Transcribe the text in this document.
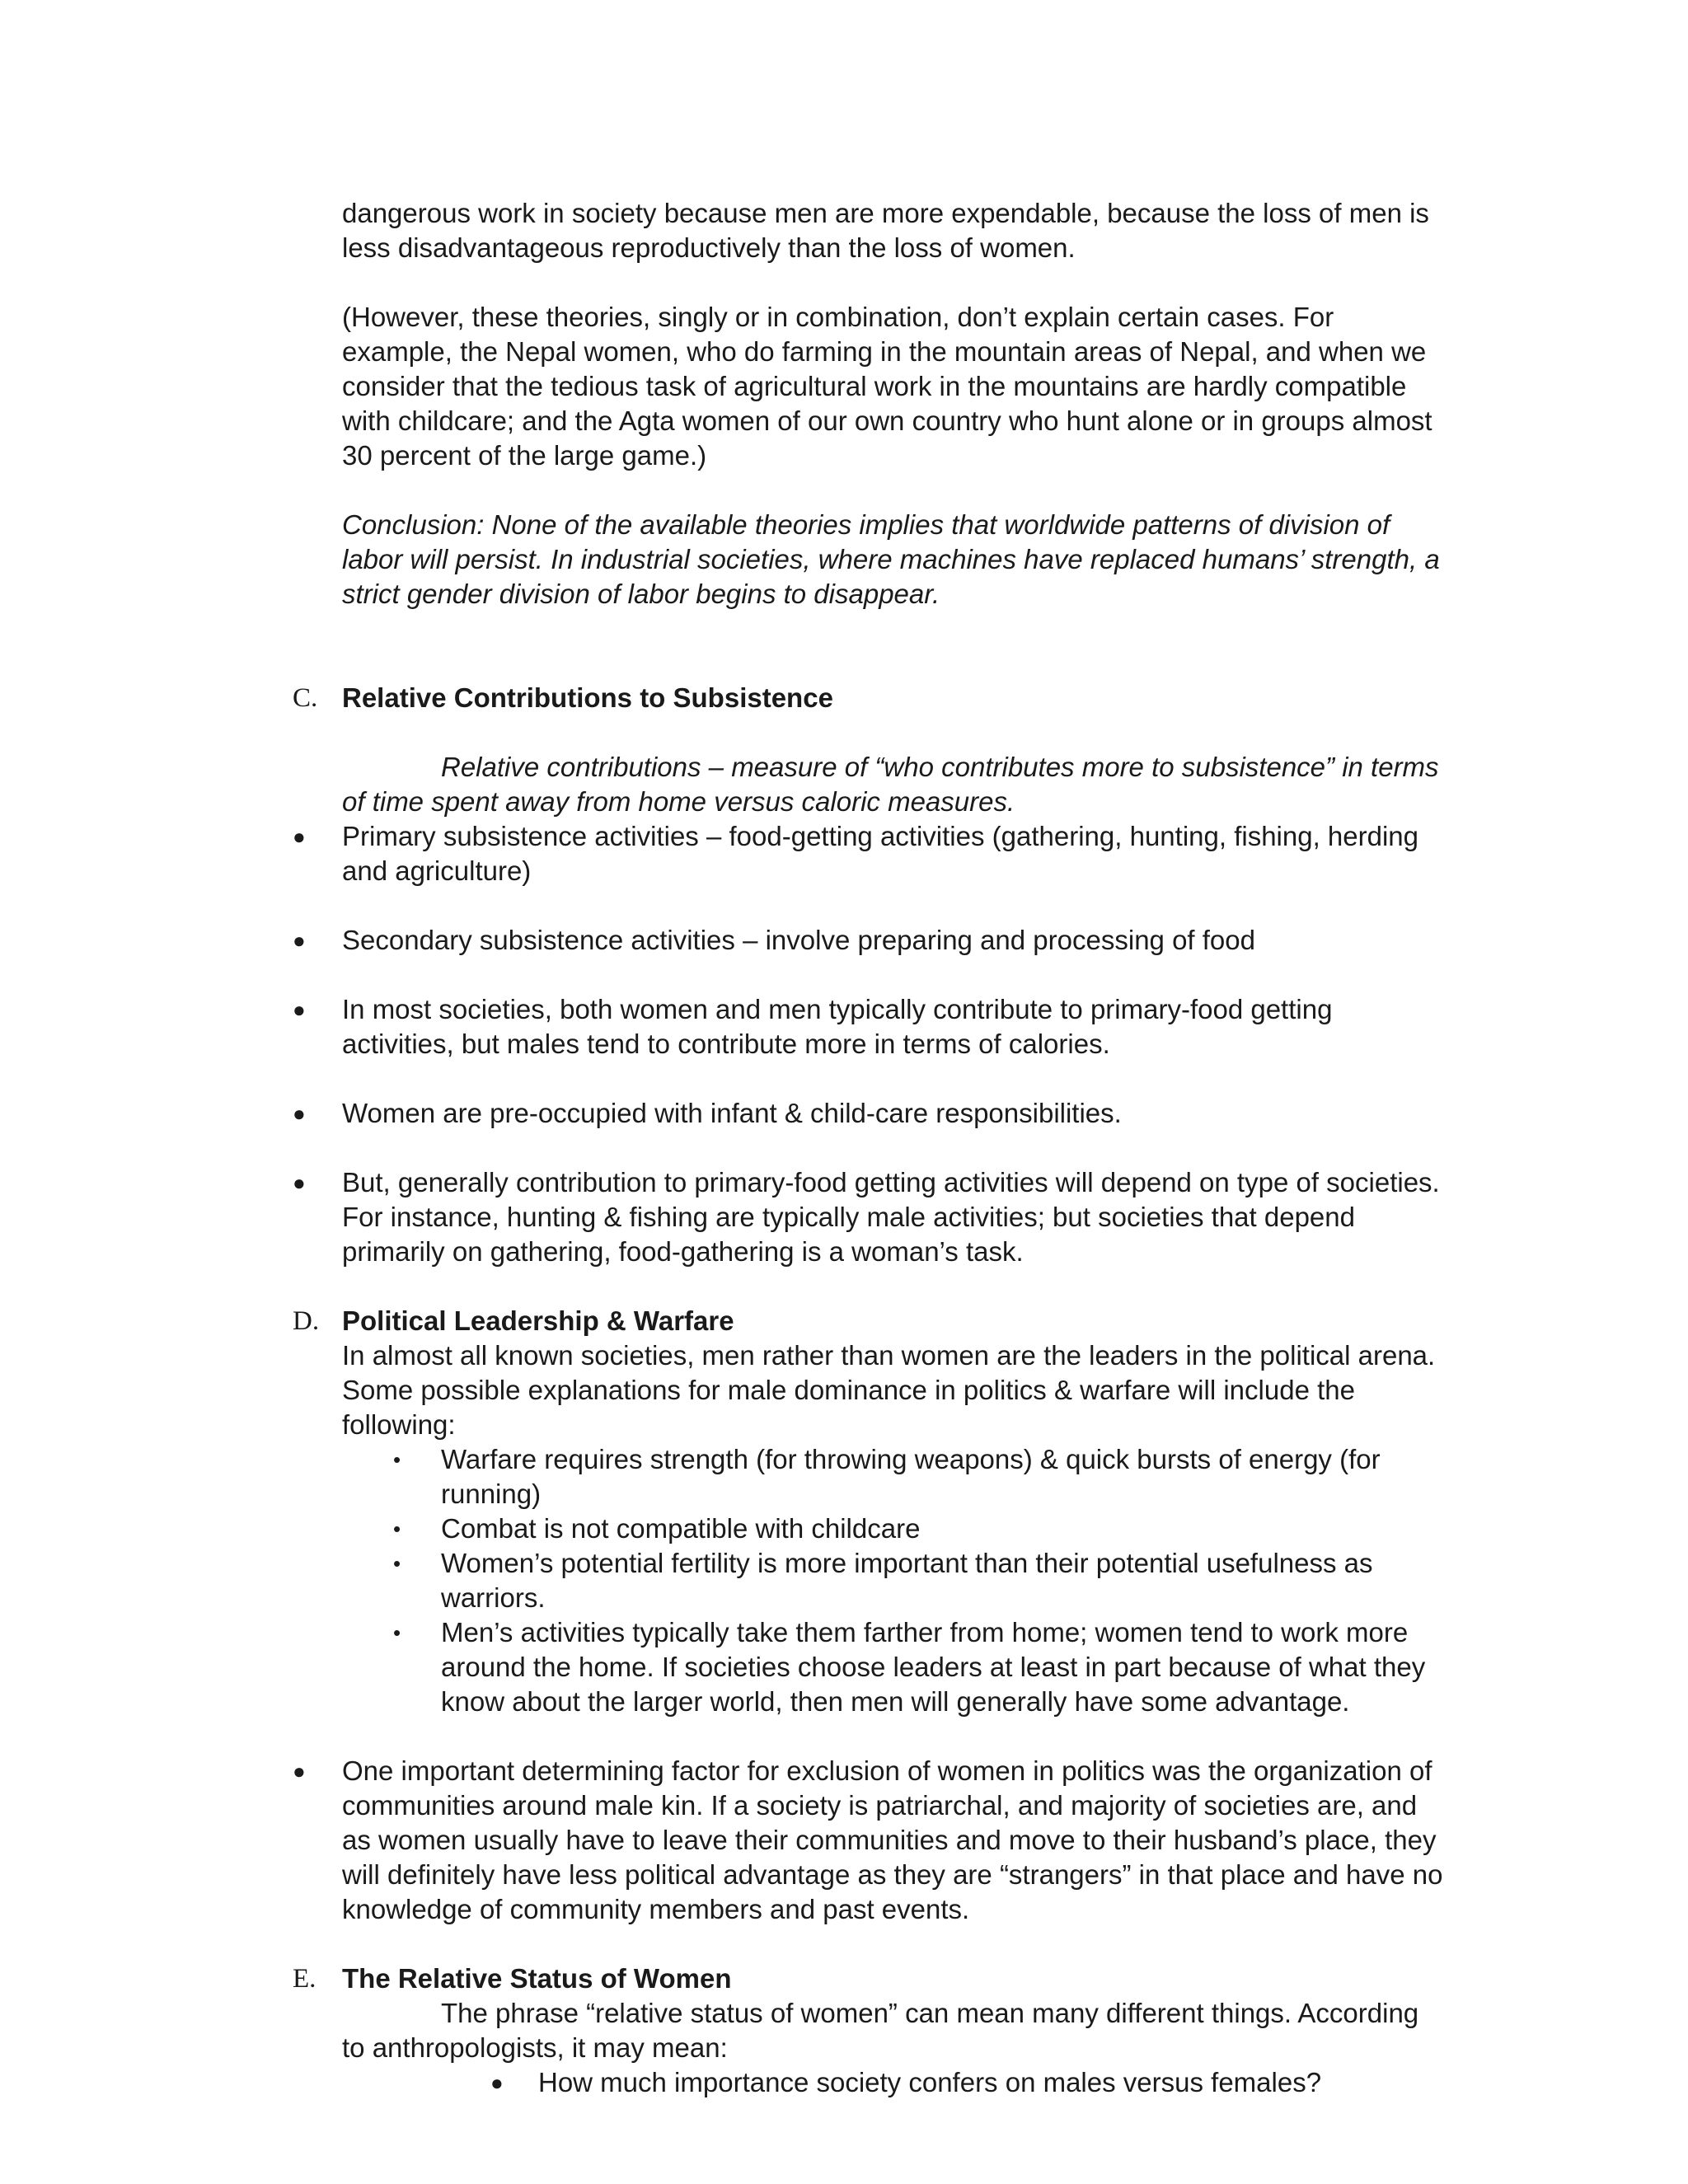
dangerous work in society because men are more expendable, because the loss of men is less disadvantageous reproductively than the loss of women.

(However, these theories, singly or in combination, don’t explain certain cases. For example, the Nepal women, who do farming in the mountain areas of Nepal, and when we consider that the tedious task of agricultural work in the mountains are hardly compatible with childcare; and the Agta women of our own country who hunt alone or in groups almost 30 percent of the large game.)

Conclusion: None of the available theories implies that worldwide patterns of division of labor will persist. In industrial societies, where machines have replaced humans’ strength, a strict gender division of labor begins to disappear.

C. Relative Contributions to Subsistence

Relative contributions – measure of “who contributes more to subsistence” in terms of time spent away from home versus caloric measures.

● Primary subsistence activities – food-getting activities (gathering, hunting, fishing, herding and agriculture)
● Secondary subsistence activities – involve preparing and processing of food
● In most societies, both women and men typically contribute to primary-food getting activities, but males tend to contribute more in terms of calories.
● Women are pre-occupied with infant & child-care responsibilities.
● But, generally contribution to primary-food getting activities will depend on type of societies. For instance, hunting & fishing are typically male activities; but societies that depend primarily on gathering, food-gathering is a woman’s task.
D. Political Leadership & Warfare

In almost all known societies, men rather than women are the leaders in the political arena. Some possible explanations for male dominance in politics & warfare will include the following:

• Warfare requires strength (for throwing weapons) & quick bursts of energy (for running)
• Combat is not compatible with childcare
• Women’s potential fertility is more important than their potential usefulness as warriors.
• Men’s activities typically take them farther from home; women tend to work more around the home. If societies choose leaders at least in part because of what they know about the larger world, then men will generally have some advantage.
● One important determining factor for exclusion of women in politics was the organization of communities around male kin. If a society is patriarchal, and majority of societies are, and as women usually have to leave their communities and move to their husband’s place, they will definitely have less political advantage as they are “strangers” in that place and have no knowledge of community members and past events.
E. The Relative Status of Women

The phrase “relative status of women” can mean many different things. According to anthropologists, it may mean:

● How much importance society confers on males versus females?
